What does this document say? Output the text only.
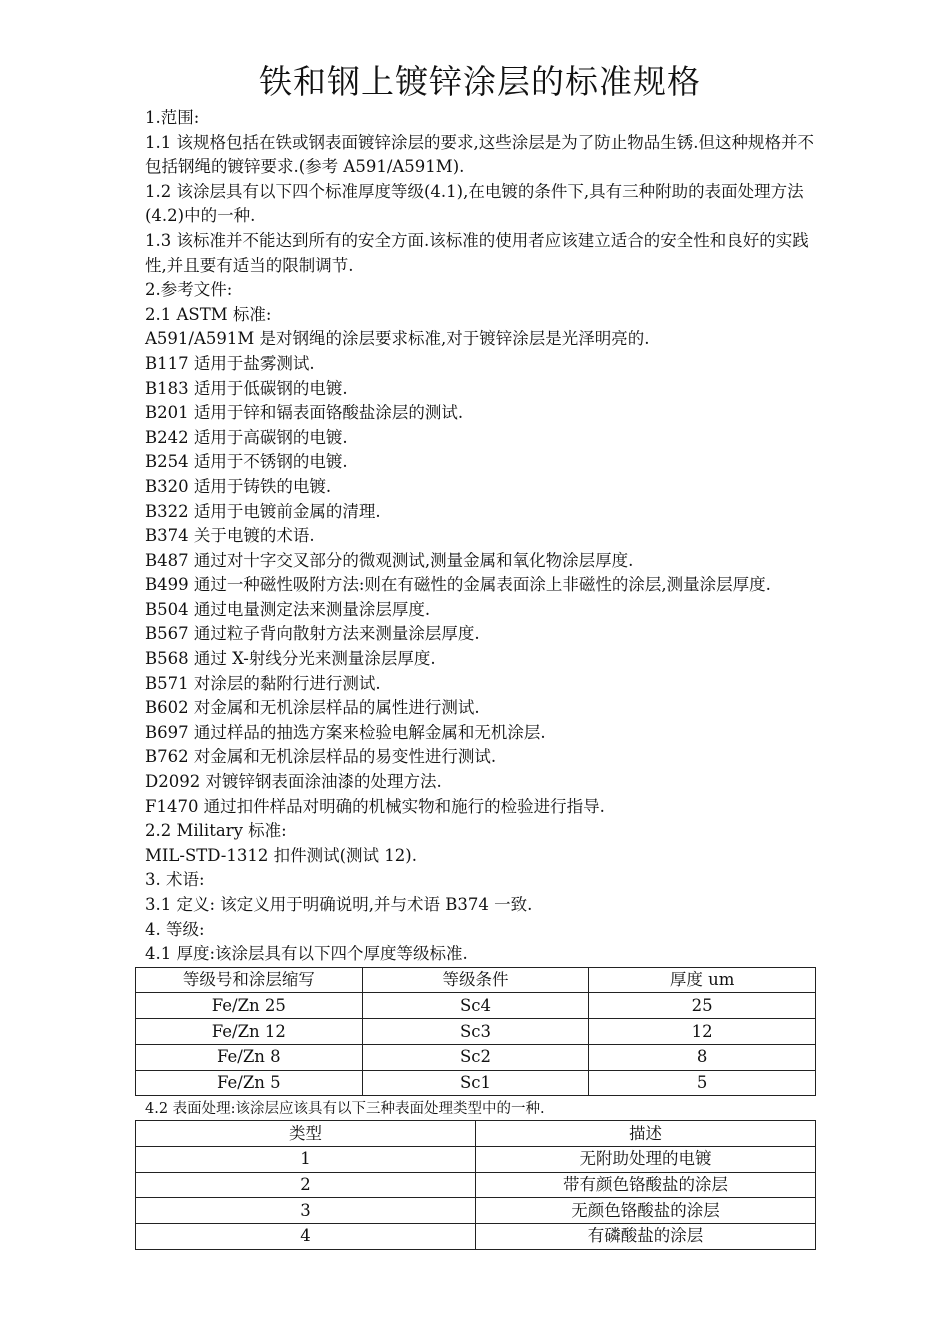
铁和钢上镀锌涂层的标准规格

1.范围:

1.1 该规格包括在铁或钢表面镀锌涂层的要求,这些涂层是为了防止物品生锈.但这种规格并不包括钢绳的镀锌要求.(参考 A591/A591M).

1.2 该涂层具有以下四个标准厚度等级(4.1),在电镀的条件下,具有三种附助的表面处理方法(4.2)中的一种.

1.3 该标准并不能达到所有的安全方面.该标准的使用者应该建立适合的安全性和良好的实践性,并且要有适当的限制调节.

2.参考文件:

2.1 ASTM 标准:

A591/A591M 是对钢绳的涂层要求标准,对于镀锌涂层是光泽明亮的.

B117 适用于盐雾测试.

B183 适用于低碳钢的电镀.

B201 适用于锌和镉表面铬酸盐涂层的测试.

B242 适用于高碳钢的电镀.

B254 适用于不锈钢的电镀.

B320 适用于铸铁的电镀.

B322 适用于电镀前金属的清理.

B374 关于电镀的术语.

B487 通过对十字交叉部分的微观测试,测量金属和氧化物涂层厚度.

B499 通过一种磁性吸附方法:则在有磁性的金属表面涂上非磁性的涂层,测量涂层厚度.

B504 通过电量测定法来测量涂层厚度.

B567 通过粒子背向散射方法来测量涂层厚度.

B568 通过 X-射线分光来测量涂层厚度.

B571 对涂层的黏附行进行测试.

B602 对金属和无机涂层样品的属性进行测试.

B697 通过样品的抽选方案来检验电解金属和无机涂层.

B762 对金属和无机涂层样品的易变性进行测试.

D2092 对镀锌钢表面涂油漆的处理方法.

F1470 通过扣件样品对明确的机械实物和施行的检验进行指导.

2.2 Military 标准:

MIL-STD-1312 扣件测试(测试 12).

3. 术语:

3.1 定义: 该定义用于明确说明,并与术语 B374 一致.

4. 等级:

4.1 厚度:该涂层具有以下四个厚度等级标准.

等级号和涂层缩写	等级条件	厚度 um
Fe/Zn 25	Sc4	25
Fe/Zn 12	Sc3	12
Fe/Zn 8	Sc2	8
Fe/Zn 5	Sc1	5

4.2 表面处理:该涂层应该具有以下三种表面处理类型中的一种.

类型	描述
1	无附助处理的电镀
2	带有颜色铬酸盐的涂层
3	无颜色铬酸盐的涂层
4	有磷酸盐的涂层
